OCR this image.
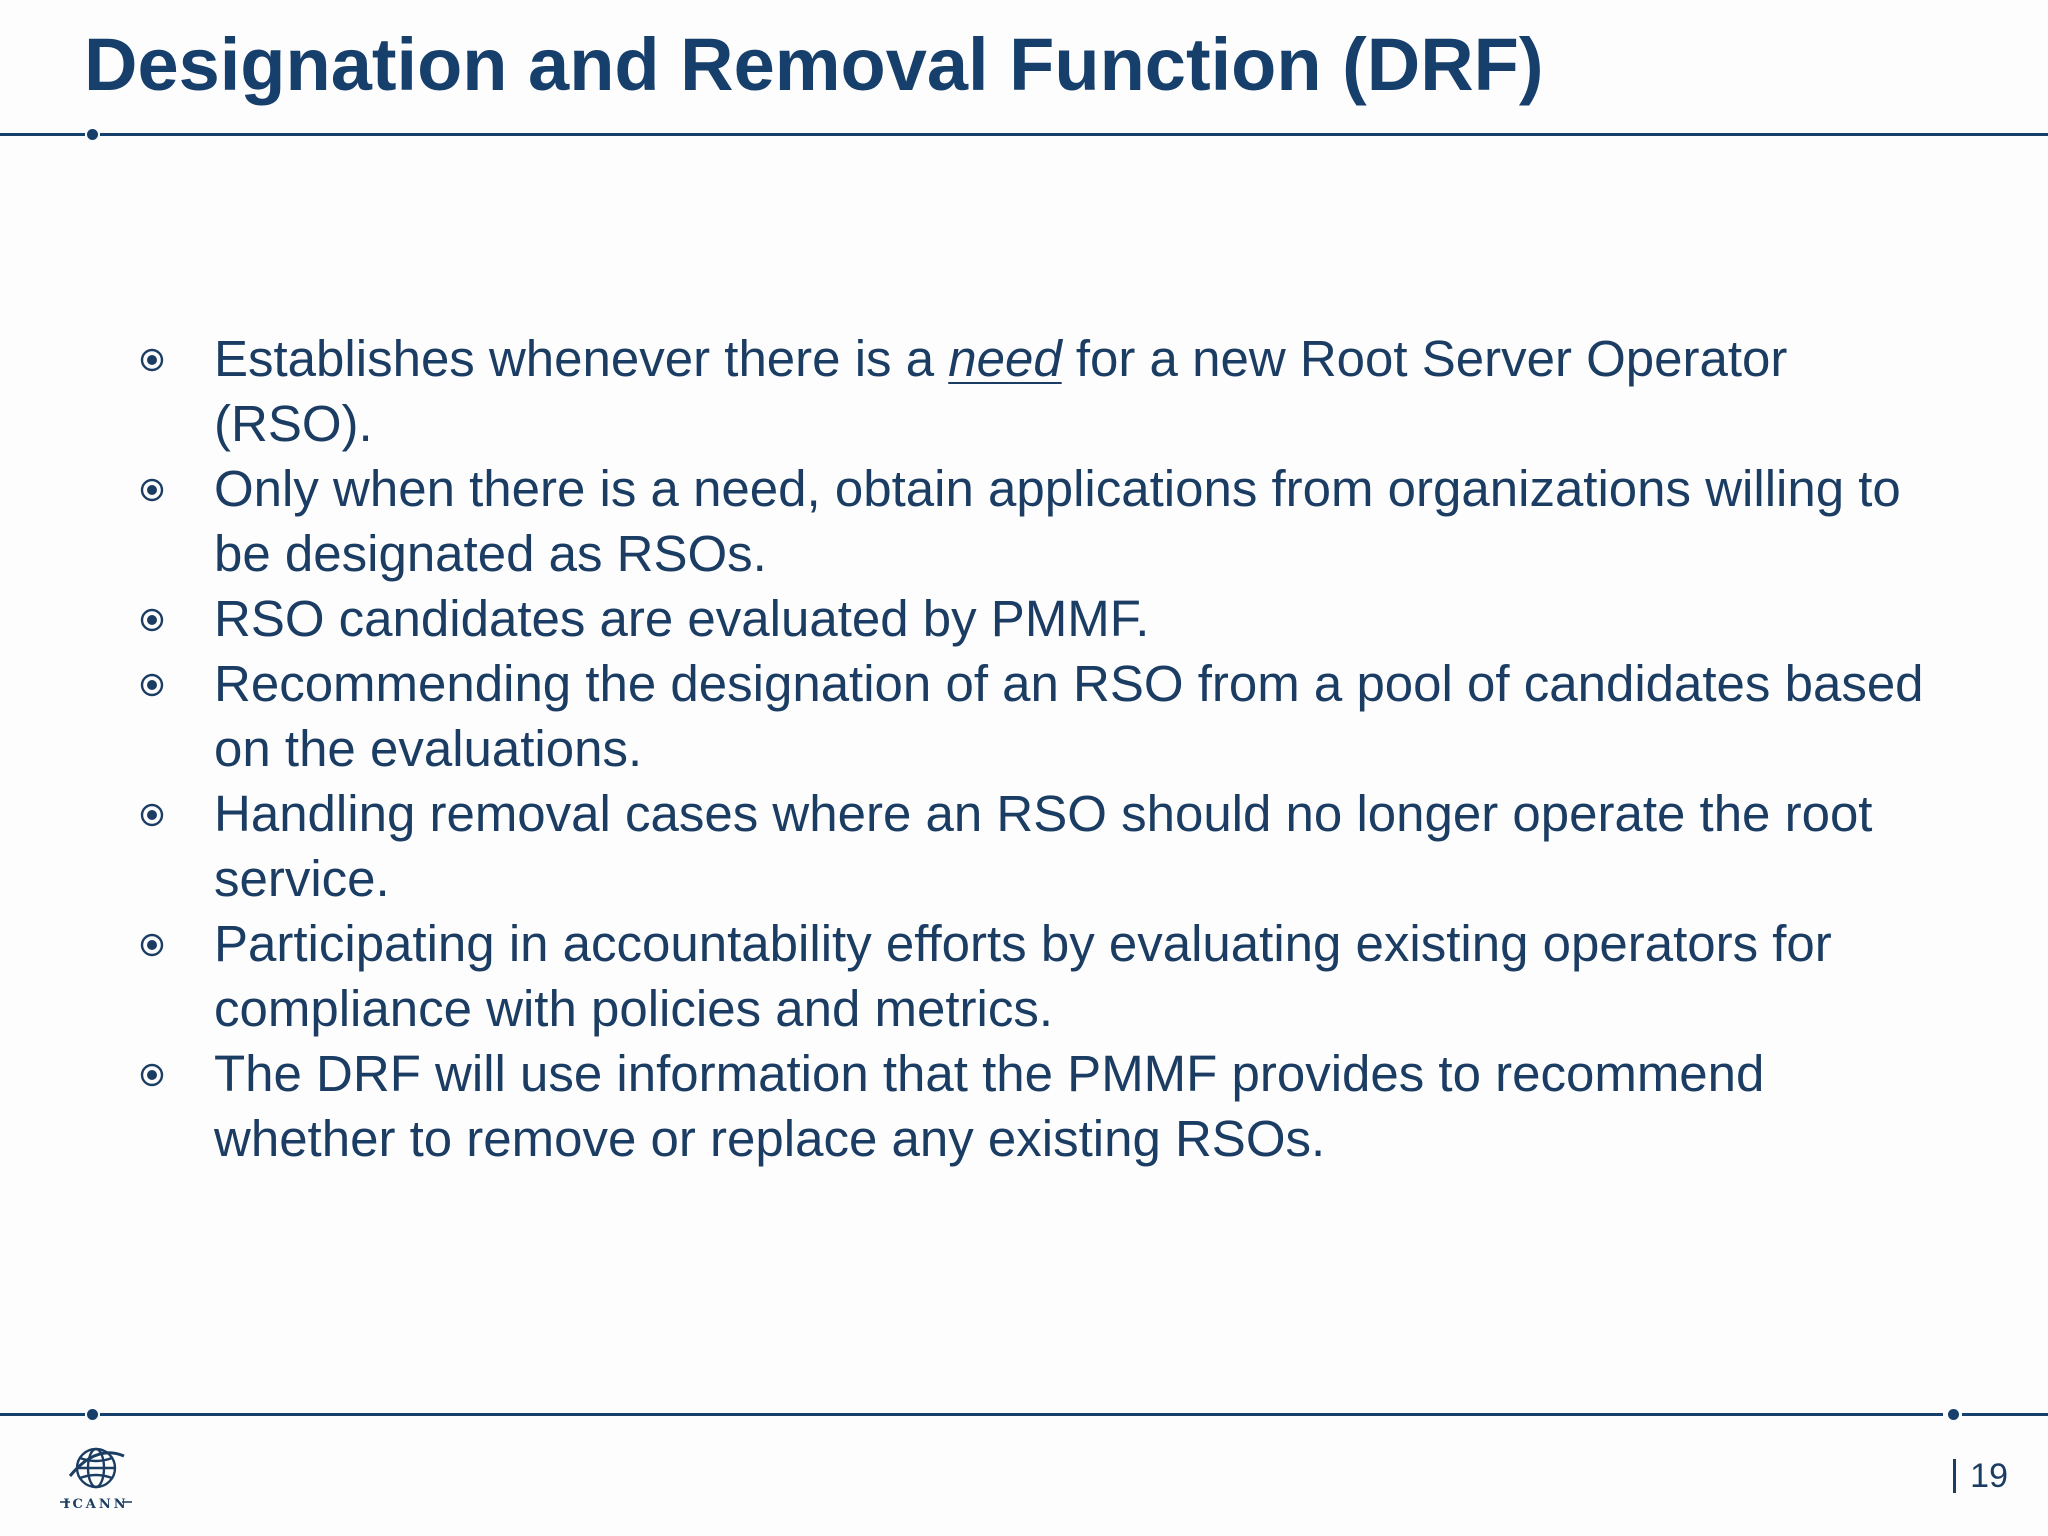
Designation and Removal Function (DRF)
Establishes whenever there is a need for a new Root Server Operator (RSO).
Only when there is a need, obtain applications from organizations willing to be designated as RSOs.
RSO candidates are evaluated by PMMF.
Recommending the designation of an RSO from a pool of candidates based on the evaluations.
Handling removal cases where an RSO should no longer operate the root service.
Participating in accountability efforts by evaluating existing operators for compliance with policies and metrics.
The DRF will use information that the PMMF provides to recommend whether to remove or replace any existing RSOs.
ICANN
19
